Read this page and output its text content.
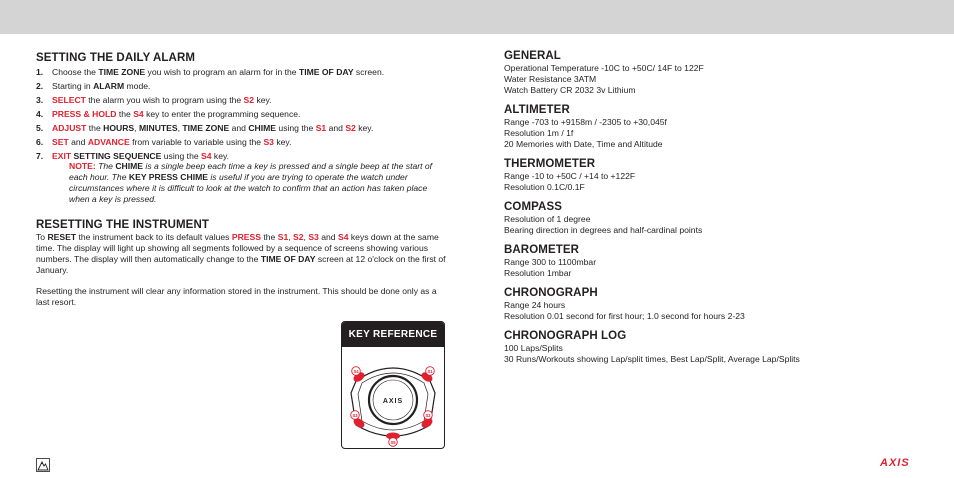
SETTING THE DAILY ALARM
1. Choose the TIME ZONE you wish to program an alarm for in the TIME OF DAY screen.
2. Starting in ALARM mode.
3. SELECT the alarm you wish to program using the S2 key.
4. PRESS & HOLD the S4 key to enter the programming sequence.
5. ADJUST the HOURS, MINUTES, TIME ZONE and CHIME using the S1 and S2 key.
6. SET and ADVANCE from variable to variable using the S3 key.
7. EXIT SETTING SEQUENCE using the S4 key.
NOTE: The CHIME is a single beep each time a key is pressed and a single beep at the start of each hour. The KEY PRESS CHIME is useful if you are trying to operate the watch under circumstances where it is difficult to look at the watch to confirm that an action has taken place when a key is pressed.
RESETTING THE INSTRUMENT

To RESET the instrument back to its default values PRESS the S1, S2, S3 and S4 keys down at the same time. The display will light up showing all segments followed by a sequence of screens showing various numbers. The display will then automatically change to the TIME OF DAY screen at 12 o'clock on the first of January.

Resetting the instrument will clear any information stored in the instrument. This should be done only as a last resort.

KEY REFERENCE
AXIS
S4	S1
S3	S2
S5
GENERAL
Operational Temperature -10C to +50C/ 14F to 122F
Water Resistance 3ATM
Watch Battery CR 2032 3v Lithium
ALTIMETER
Range -703 to +9158m / -2305 to +30,045f
Resolution 1m / 1f
20 Memories with Date, Time and Altitude
THERMOMETER
Range -10 to +50C / +14 to +122F
Resolution 0.1C/0.1F
COMPASS
Resolution of 1 degree
Bearing direction in degrees and half-cardinal points
BAROMETER
Range 300 to 1100mbar
Resolution 1mbar
CHRONOGRAPH
Range 24 hours
Resolution 0.01 second for first hour; 1.0 second for hours 2-23
CHRONOGRAPH LOG
100 Laps/Splits
30 Runs/Workouts showing Lap/split times, Best Lap/Split, Average Lap/Splits
AXIS
